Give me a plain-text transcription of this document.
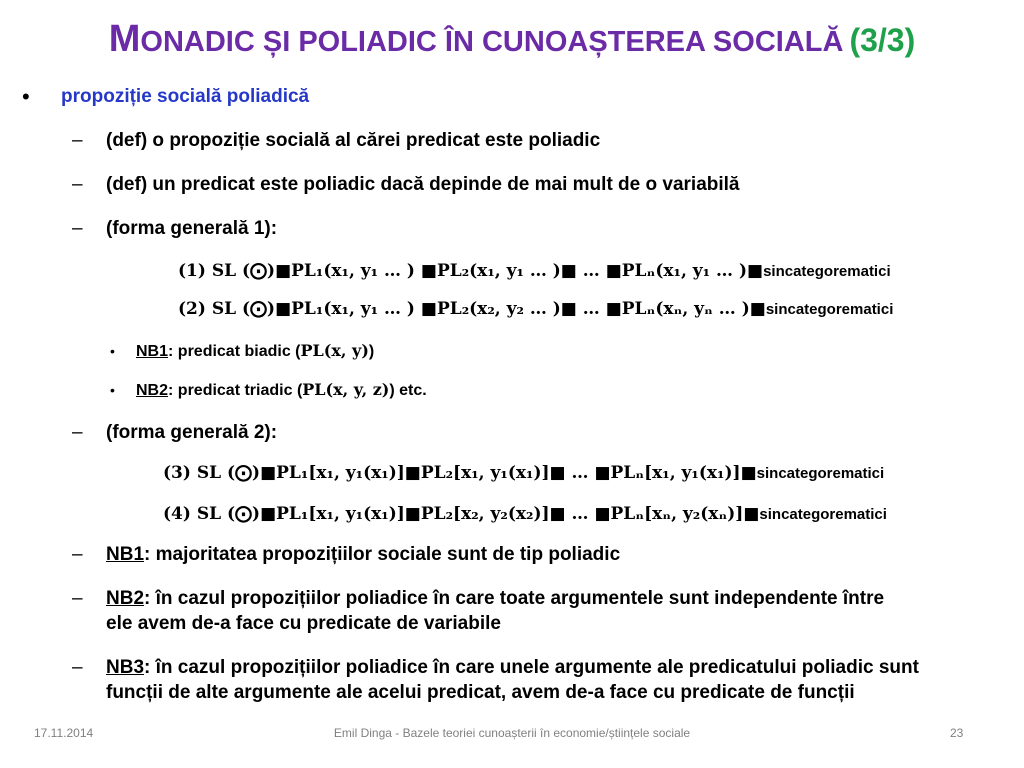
MONADIC ȘI POLIADIC ÎN CUNOAȘTEREA SOCIALĂ (3/3)
• propoziție socială poliadică
– (def) o propoziție socială al cărei predicat este poliadic
– (def) un predicat este poliadic dacă depinde de mai mult de o variabilă
– (forma generală 1):
(1) SL (⨀)■PL₁(x₁, y₁ … ) ■PL₂(x₁, y₁ … )■ … ■PLₙ(x₁, y₁ … )■sincategorematici
(2) SL (⨀)■PL₁(x₁, y₁ … ) ■PL₂(x₂, y₂ … )■ … ■PLₙ(xₙ, yₙ … )■sincategorematici
• NB1: predicat biadic (PL(x, y))
• NB2: predicat triadic (PL(x, y, z)) etc.
– (forma generală 2):
(3) SL (⨀)■PL₁[x₁, y₁(x₁)]■PL₂[x₁, y₁(x₁)]■ … ■PLₙ[x₁, y₁(x₁)]■sincategorematici
(4) SL (⨀)■PL₁[x₁, y₁(x₁)]■PL₂[x₂, y₂(x₂)]■ … ■PLₙ[xₙ, y₂(xₙ)]■sincategorematici
– NB1: majoritatea propozițiilor sociale sunt de tip poliadic
– NB2: în cazul propozițiilor poliadice în care toate argumentele sunt independente între
ele avem de-a face cu predicate de variabile
– NB3: în cazul propozițiilor poliadice în care unele argumente ale predicatului poliadic sunt
funcții de alte argumente ale acelui predicat, avem de-a face cu predicate de funcții
17.11.2014	Emil Dinga - Bazele teoriei cunoașterii în economie/științele sociale	23
